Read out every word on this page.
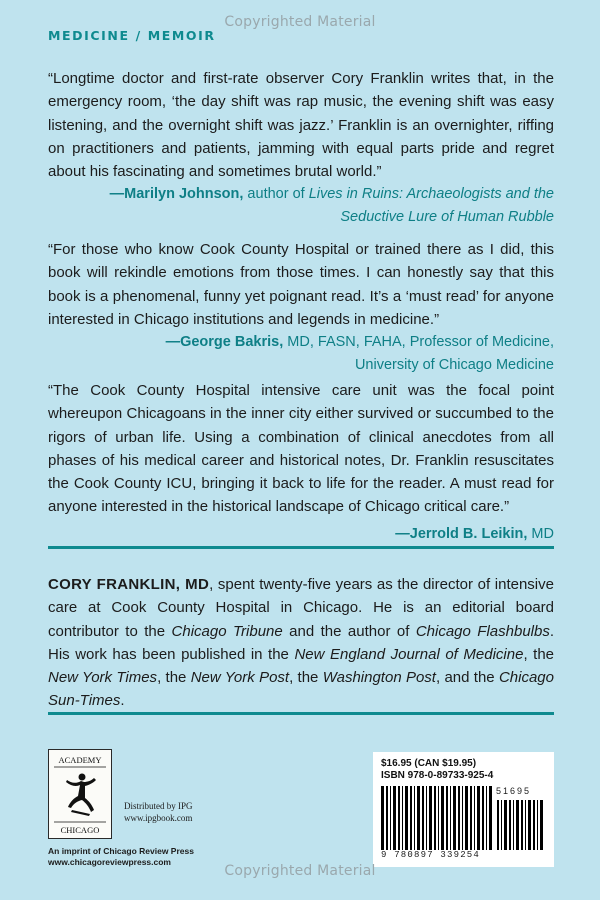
Copyrighted Material
MEDICINE / MEMOIR

“Longtime doctor and first-rate observer Cory Franklin writes that, in the emergency room, ‘the day shift was rap music, the evening shift was easy listening, and the overnight shift was jazz.’ Franklin is an overnighter, riffing on practitioners and patients, jamming with equal parts pride and regret about his fascinating and sometimes brutal world.”

—Marilyn Johnson, author of Lives in Ruins: Archaeologists and the Seductive Lure of Human Rubble

“For those who know Cook County Hospital or trained there as I did, this book will rekindle emotions from those times. I can honestly say that this book is a phenomenal, funny yet poignant read. It’s a ‘must read’ for anyone interested in Chicago institutions and legends in medicine.”

—George Bakris, MD, FASN, FAHA, Professor of Medicine,
University of Chicago Medicine

“The Cook County Hospital intensive care unit was the focal point whereupon Chicagoans in the inner city either survived or succumbed to the rigors of urban life. Using a combination of clinical anecdotes from all phases of his medical career and historical notes, Dr. Franklin resuscitates the Cook County ICU, bringing it back to life for the reader. A must read for anyone interested in the historical landscape of Chicago critical care.”

—Jerrold B. Leikin, MD

CORY FRANKLIN, MD, spent twenty-five years as the director of intensive care at Cook County Hospital in Chicago. He is an editorial board contributor to the Chicago Tribune and the author of Chicago Flashbulbs. His work has been published in the New England Journal of Medicine, the New York Times, the New York Post, the Washington Post, and the Chicago Sun-Times.

ACADEMY
CHICAGO
Distributed by IPG
www.ipgbook.com
An imprint of Chicago Review Press
www.chicagoreviewpress.com
$16.95 (CAN $19.95)
ISBN 978-0-89733-925-4
51695
9 780897 339254
Copyrighted Material
